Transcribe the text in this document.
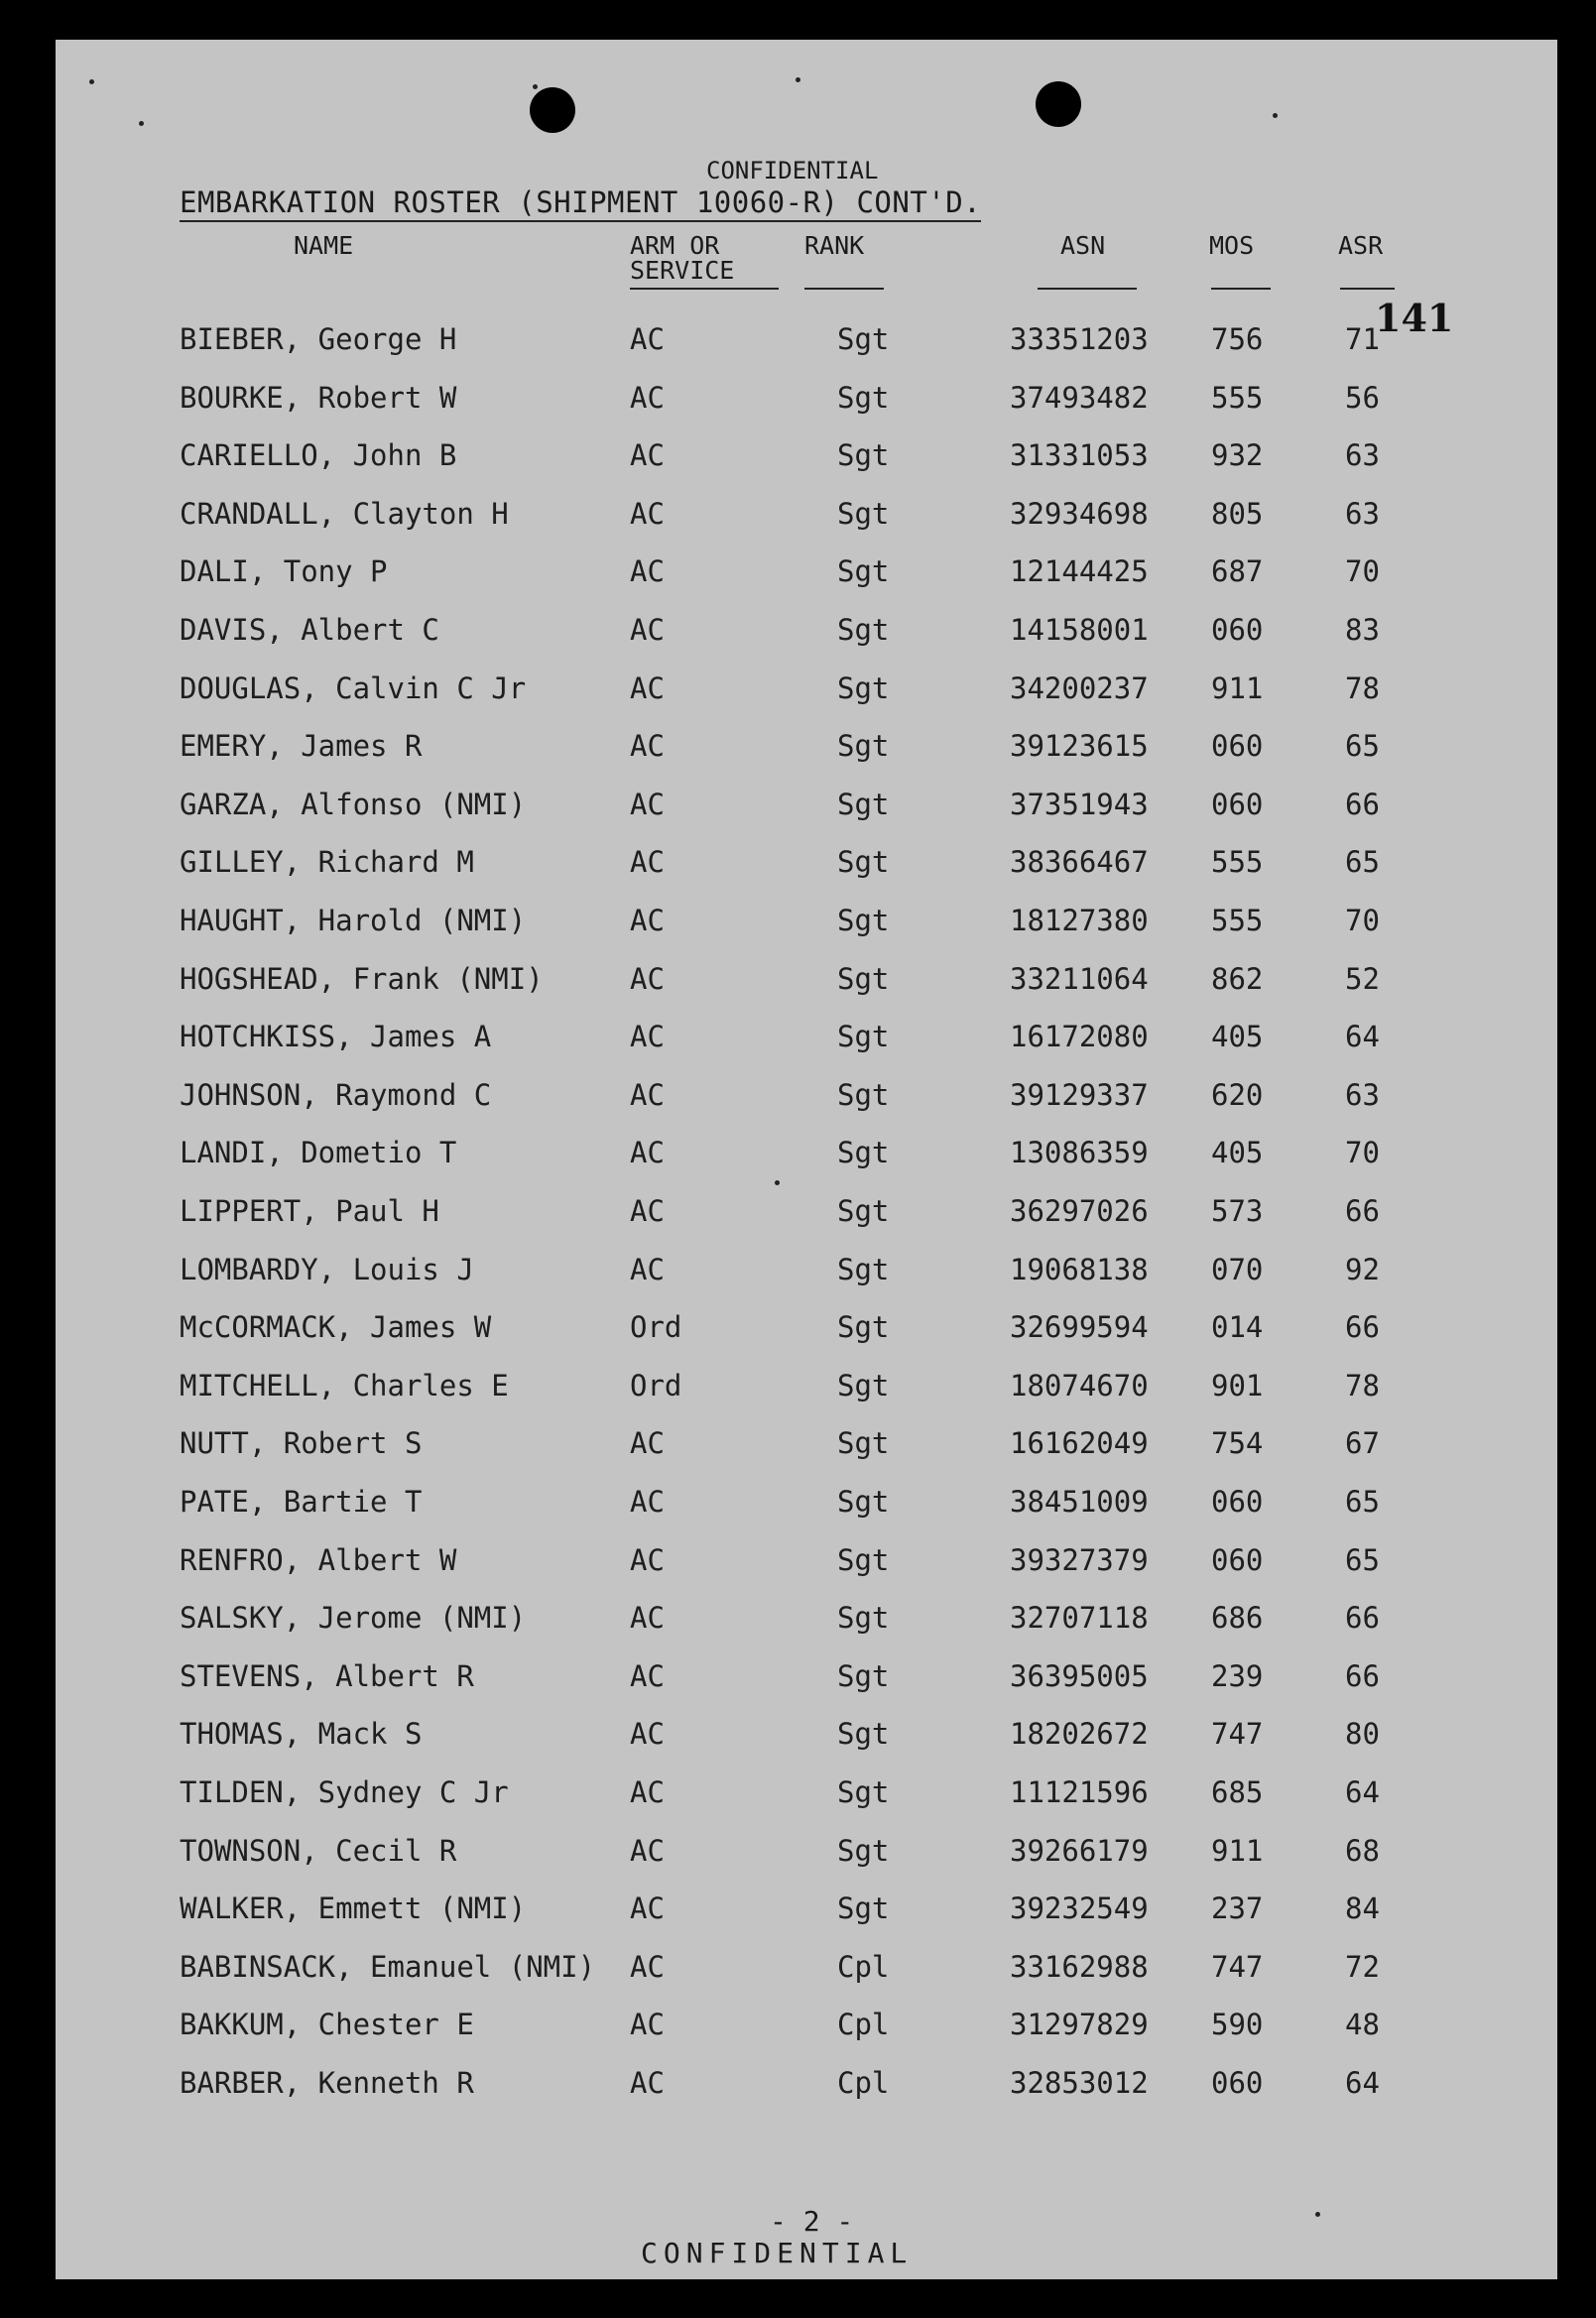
CONFIDENTIAL
EMBARKATION ROSTER (SHIPMENT 10060-R) CONT'D.
NAME	ARM OR
SERVICE
RANK	ASN	MOS	ASR
141
BIEBER, George H	AC	Sgt	33351203 756	71
BOURKE, Robert W	AC	Sgt	37493482 555	56
CARIELLO, John B	AC	Sgt	31331053 932	63
CRANDALL, Clayton H	AC	Sgt	32934698 805	63
DALI, Tony P	AC	Sgt	12144425 687	70
DAVIS, Albert C	AC	Sgt	14158001 060	83
DOUGLAS, Calvin C Jr	AC	Sgt	34200237 911	78
EMERY, James R	AC	Sgt	39123615 060	65
GARZA, Alfonso (NMI)	AC	Sgt	37351943 060	66
GILLEY, Richard M	AC	Sgt	38366467 555	65
HAUGHT, Harold (NMI)	AC	Sgt	18127380 555	70
HOGSHEAD, Frank (NMI)	AC	Sgt	33211064 862	52
HOTCHKISS, James A	AC	Sgt	16172080 405	64
JOHNSON, Raymond C	AC	Sgt	39129337 620	63
LANDI, Dometio T	AC	Sgt	13086359 405	70
LIPPERT, Paul H	AC	Sgt	36297026 573	66
LOMBARDY, Louis J	AC	Sgt	19068138 070	92
McCORMACK, James W	Ord	Sgt	32699594 014	66
MITCHELL, Charles E	Ord	Sgt	18074670 901	78
NUTT, Robert S	AC	Sgt	16162049 754	67
PATE, Bartie T	AC	Sgt	38451009 060	65
RENFRO, Albert W	AC	Sgt	39327379 060	65
SALSKY, Jerome (NMI)	AC	Sgt	32707118 686	66
STEVENS, Albert R	AC	Sgt	36395005 239	66
THOMAS, Mack S	AC	Sgt	18202672 747	80
TILDEN, Sydney C Jr	AC	Sgt	11121596 685	64
TOWNSON, Cecil R	AC	Sgt	39266179 911	68
WALKER, Emmett (NMI)	AC	Sgt	39232549 237	84
BABINSACK, Emanuel (NMI) AC	Cpl	33162988 747	72
BAKKUM, Chester E	AC	Cpl	31297829 590	48
BARBER, Kenneth R	AC	Cpl	32853012 060	64
- 2 -
CONFIDENTIAL
